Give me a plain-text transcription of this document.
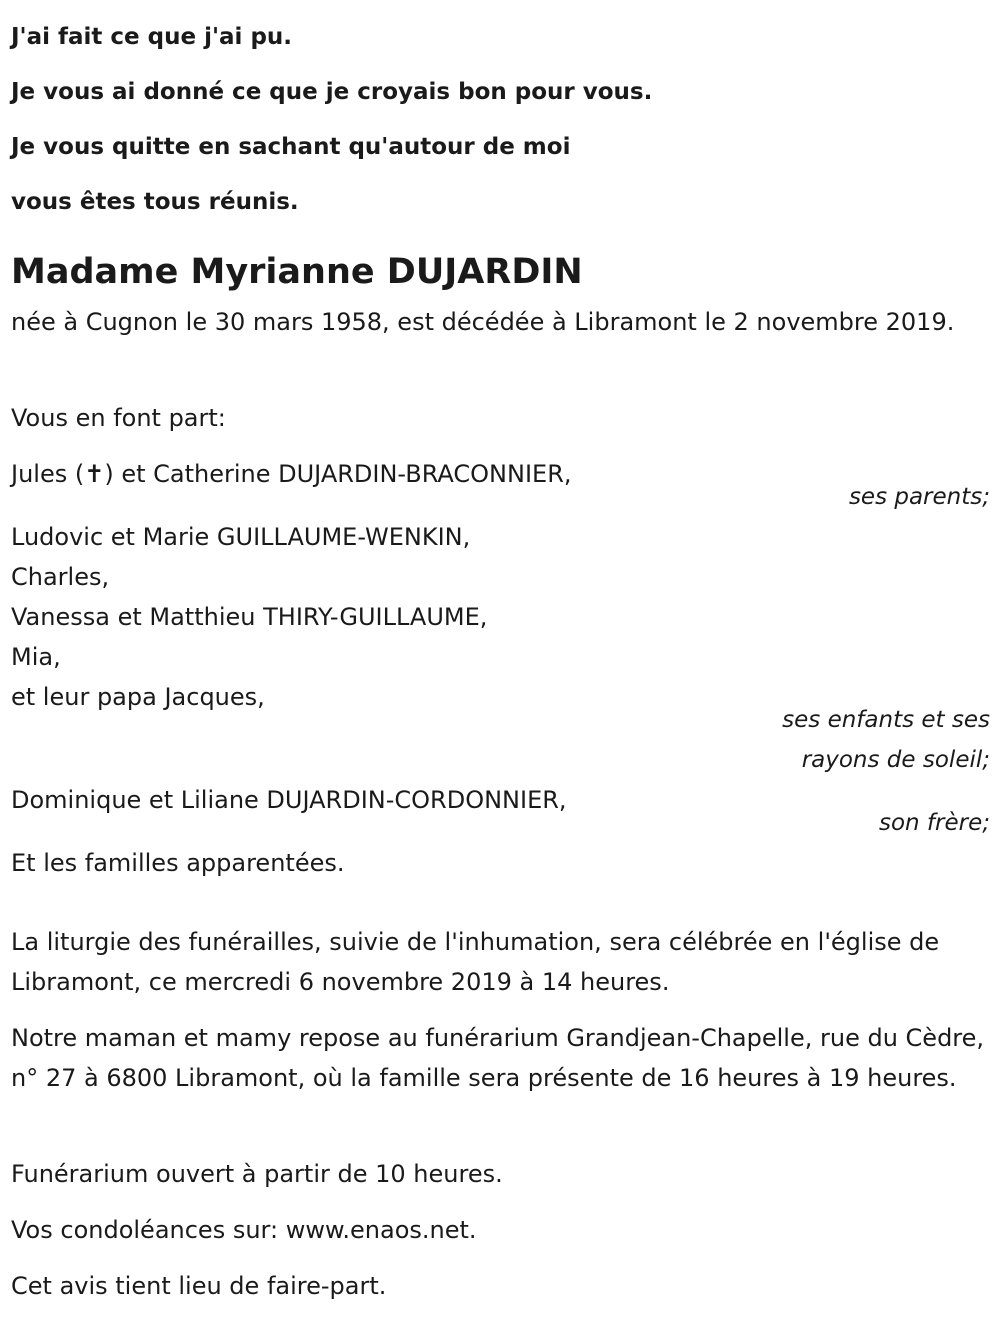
J'ai fait ce que j'ai pu.

Je vous ai donné ce que je croyais bon pour vous.

Je vous quitte en sachant qu'autour de moi

vous êtes tous réunis.

Madame Myrianne DUJARDIN

née à Cugnon le 30 mars 1958, est décédée à Libramont le 2 novembre 2019.

Vous en font part:

Jules (✝) et Catherine DUJARDIN-BRACONNIER,

ses parents;

Ludovic et Marie GUILLAUME-WENKIN,

Charles,

Vanessa et Matthieu THIRY-GUILLAUME,

Mia,

et leur papa Jacques,

ses enfants et ses

rayons de soleil;

Dominique et Liliane DUJARDIN-CORDONNIER,

son frère;

Et les familles apparentées.

La liturgie des funérailles, suivie de l'inhumation, sera célébrée en l'église de Libramont, ce mercredi 6 novembre 2019 à 14 heures.

Notre maman et mamy repose au funérarium Grandjean-Chapelle, rue du Cèdre, n° 27 à 6800 Libramont, où la famille sera présente de 16 heures à 19 heures.

Funérarium ouvert à partir de 10 heures.

Vos condoléances sur: www.enaos.net.

Cet avis tient lieu de faire-part.
